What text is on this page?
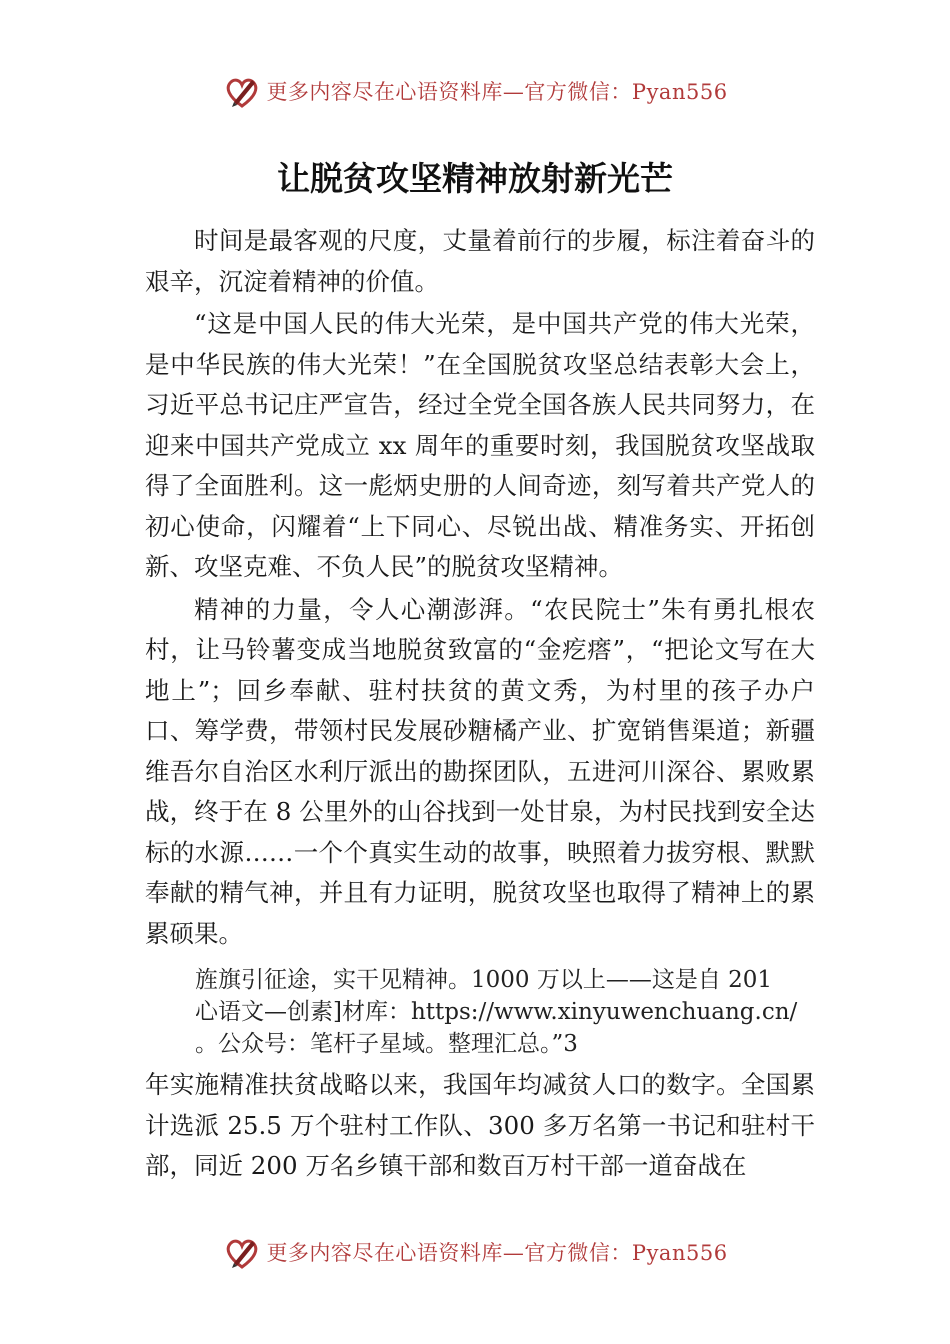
更多内容尽在心语资料库—官方微信：Pyan556
让脱贫攻坚精神放射新光芒

时间是最客观的尺度，丈量着前行的步履，标注着奋斗的艰辛，沉淀着精神的价值。

“这是中国人民的伟大光荣，是中国共产党的伟大光荣，是中华民族的伟大光荣！”在全国脱贫攻坚总结表彰大会上，习近平总书记庄严宣告，经过全党全国各族人民共同努力，在迎来中国共产党成立 xx 周年的重要时刻，我国脱贫攻坚战取得了全面胜利。这一彪炳史册的人间奇迹，刻写着共产党人的初心使命，闪耀着“上下同心、尽锐出战、精准务实、开拓创新、攻坚克难、不负人民”的脱贫攻坚精神。

精神的力量，令人心潮澎湃。“农民院士”朱有勇扎根农村，让马铃薯变成当地脱贫致富的“金疙瘩”，“把论文写在大地上”；回乡奉献、驻村扶贫的黄文秀，为村里的孩子办户口、筹学费，带领村民发展砂糖橘产业、扩宽销售渠道；新疆维吾尔自治区水利厅派出的勘探团队，五进河川深谷、累败累战，终于在 8 公里外的山谷找到一处甘泉，为村民找到安全达标的水源……一个个真实生动的故事，映照着力拔穷根、默默奉献的精气神，并且有力证明，脱贫攻坚也取得了精神上的累累硕果。

旌旗引征途，实干见精神。1000 万以上——这是自 201
心语文—创素]材库：https://www.xinyuwenchuang.cn/
。公众号：笔杆子星域。整理汇总。”3

年实施精准扶贫战略以来，我国年均减贫人口的数字。全国累计选派 25.5 万个驻村工作队、300 多万名第一书记和驻村干部，同近 200 万名乡镇干部和数百万村干部一道奋战在

更多内容尽在心语资料库—官方微信：Pyan556
